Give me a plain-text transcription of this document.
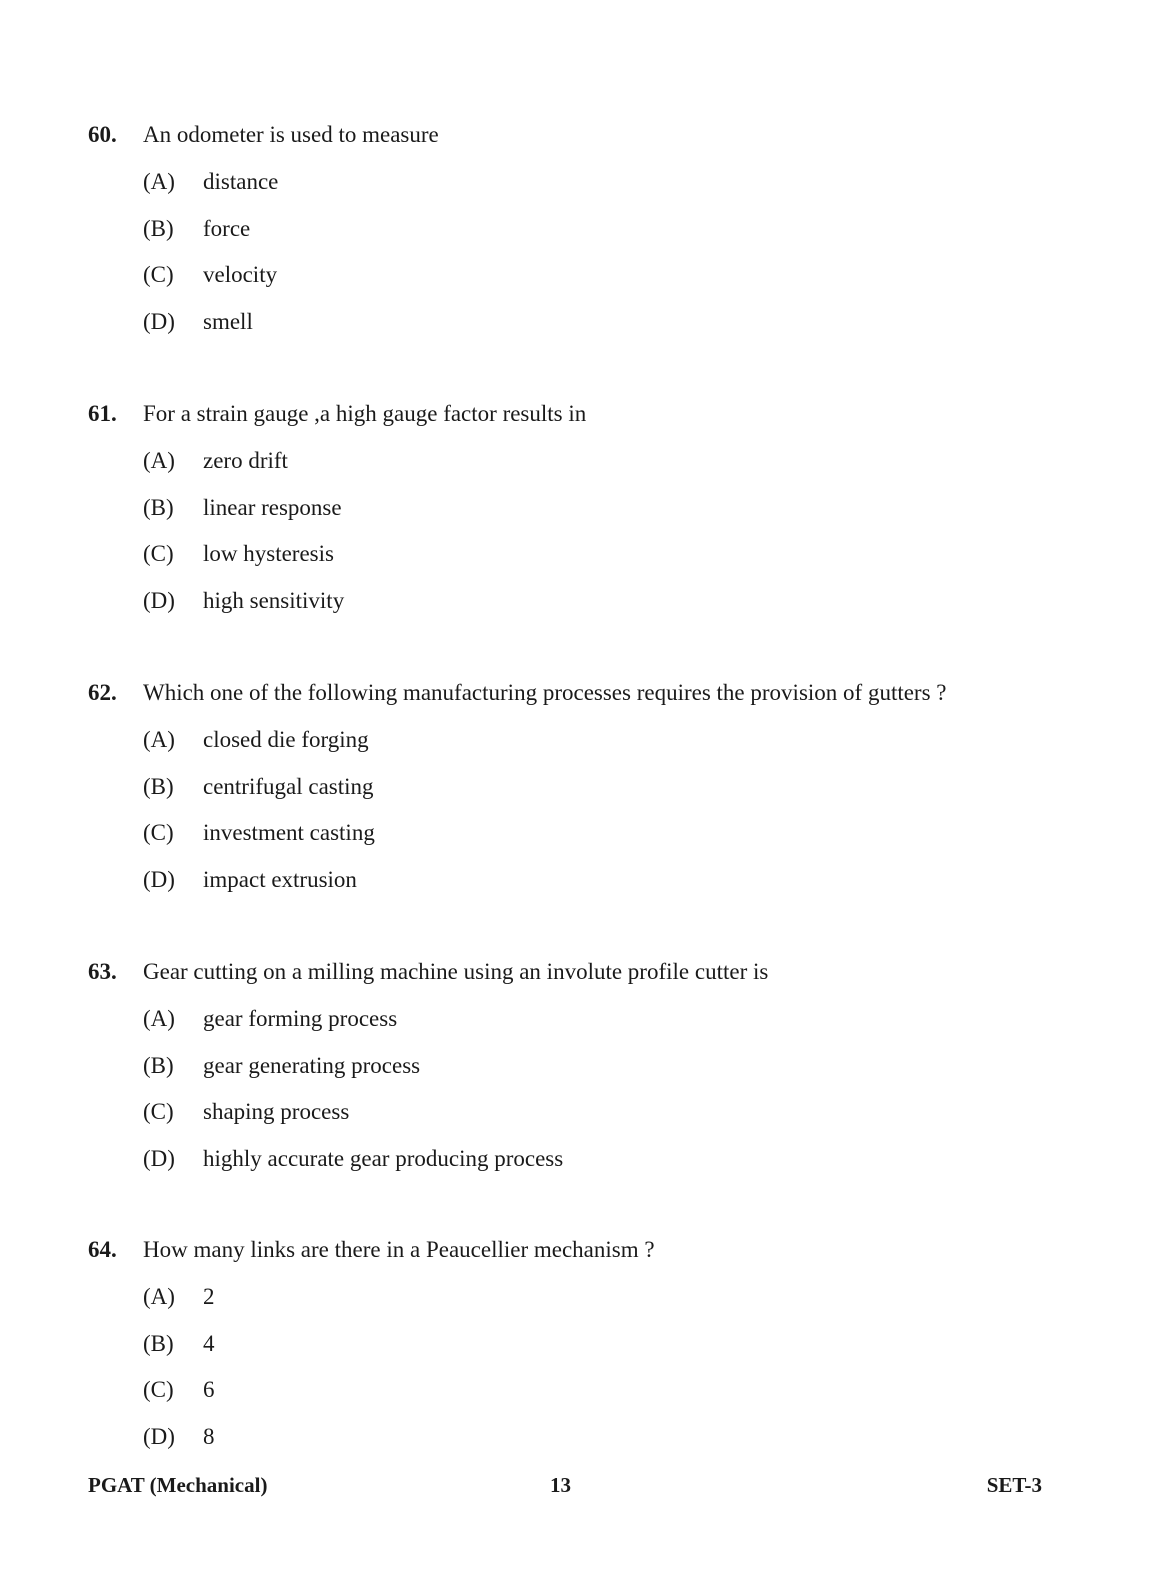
60.	An odometer is used to measure
(A)	distance
(B)	force
(C)	velocity
(D)	smell
61.	For a strain gauge ,a high gauge factor results in
(A)	zero drift
(B)	linear response
(C)	low hysteresis
(D)	high sensitivity
62.	Which one of the following manufacturing processes requires the provision of gutters ?
(A)	closed die forging
(B)	centrifugal casting
(C)	investment casting
(D)	impact extrusion
63.	Gear cutting on a milling machine using an involute profile cutter is
(A)	gear forming process
(B)	gear generating process
(C)	shaping process
(D)	highly accurate gear producing process
64.	How many links are there in a Peaucellier mechanism ?
(A)	2
(B)	4
(C)	6
(D)	8
PGAT (Mechanical)	13	SET-3
